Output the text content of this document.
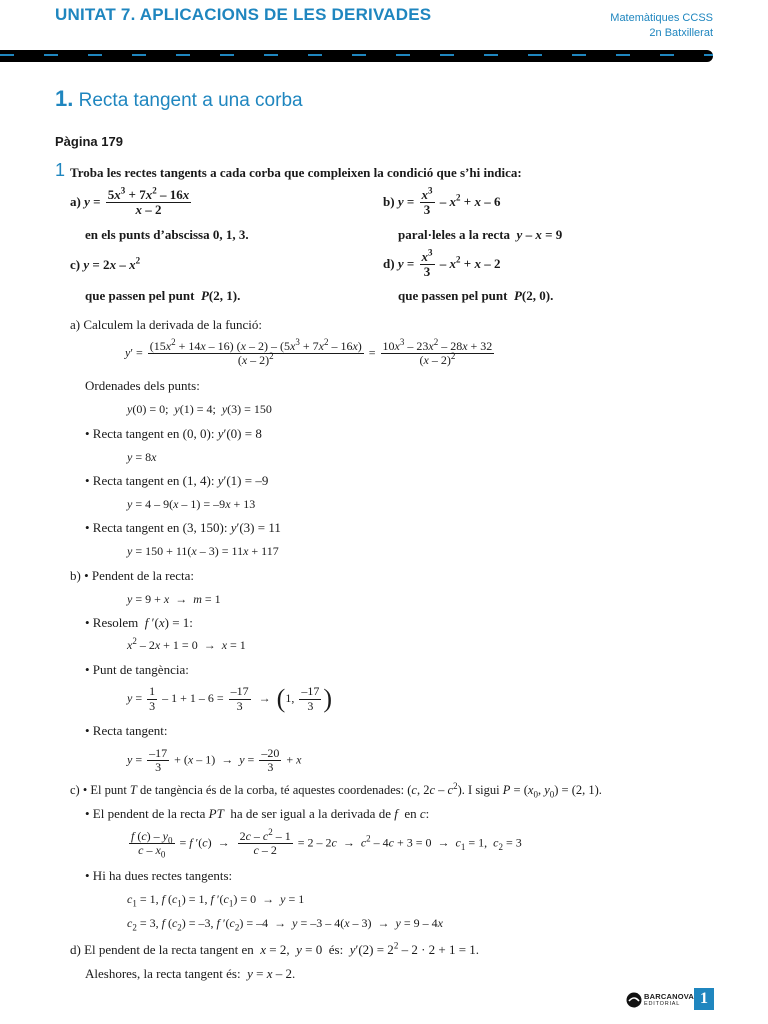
UNITAT 7. APLICACIONS DE LES DERIVADES	Matemàtiques CCSS
2n Batxillerat
1. Recta tangent a una corba
Pàgina 179
1 Troba les rectes tangents a cada corba que compleixen la condició que s’hi indica:
a) $y = \frac{5x^3 + 7x^2 - 16x}{x - 2}$
en els punts d’abscissa 0, 1, 3.
b) $y = \frac{x^3}{3} - x^2 + x - 6$
paral·leles a la recta y – x = 9
c) $y = 2x - x^2$
que passen pel punt P(2, 1).
d) $y = \frac{x^3}{3} - x^2 + x - 2$
que passen pel punt P(2, 0).
a) Calculem la derivada de la funció:
$y' = \frac{(15x^2 + 14x - 16) (x - 2) - (5x^3 + 7x^2 - 16x)}{(x - 2)^2} = \frac{10x^3 - 23x^2 - 28x + 32}{(x - 2)^2}$
Ordenades dels punts:
y(0) = 0;  y(1) = 4;  y(3) = 150
• Recta tangent en (0, 0): y′(0) = 8
y = 8x
• Recta tangent en (1, 4): y′(1) = –9
y = 4 – 9(x – 1) = –9x + 13
• Recta tangent en (3, 150): y′(3) = 11
y = 150 + 11(x – 3) = 11x + 117
b) • Pendent de la recta:
y = 9 + x  →  m = 1
• Resolem f ′(x) = 1:
$x^2 - 2x + 1 = 0 \to x = 1$
• Punt de tangència:
$y = \frac{1}{3} - 1 + 1 - 6 = \frac{-17}{3} \to (1$, $\frac{-17}{3}$ )
• Recta tangent:
$y = \frac{-17}{3} + (x - 1) \to y = \frac{-20}{3} + x$
c) • El punt T de tangència és de la corba, té aquestes coordenades: (c, $2c - c^2$). I sigui $P = (x_0$, $y_0) = (2$, 1).
• El pendent de la recta PT ha de ser igual a la derivada de f en c:
$\frac{f (c) - y_0}{c - x_0} = f$ $'(c) \to \frac{2c - c^2 - 1}{c - 2} = 2 - 2c \to c^2 - 4c + 3 = 0 \to c_1 = 1$,  $c_2 = 3$
• Hi ha dues rectes tangents:
$c_1 = 1$, f $(c_1) = 1$, f $'(c_1) = 0 \to y = 1$
$c_2 = 3$, f $(c_2) = -3$, f $'(c_2) = -4 \to y = -3 - 4(x - 3) \to y = 9 - 4x$
d) El pendent de la recta tangent en x = 2,  y = 0  és: $y'(2) = 2^2 - 2 \cdot 2 + 1 = 1$.
Aleshores, la recta tangent és: y = x – 2.
BARCANOVA
EDITORIAL	1
